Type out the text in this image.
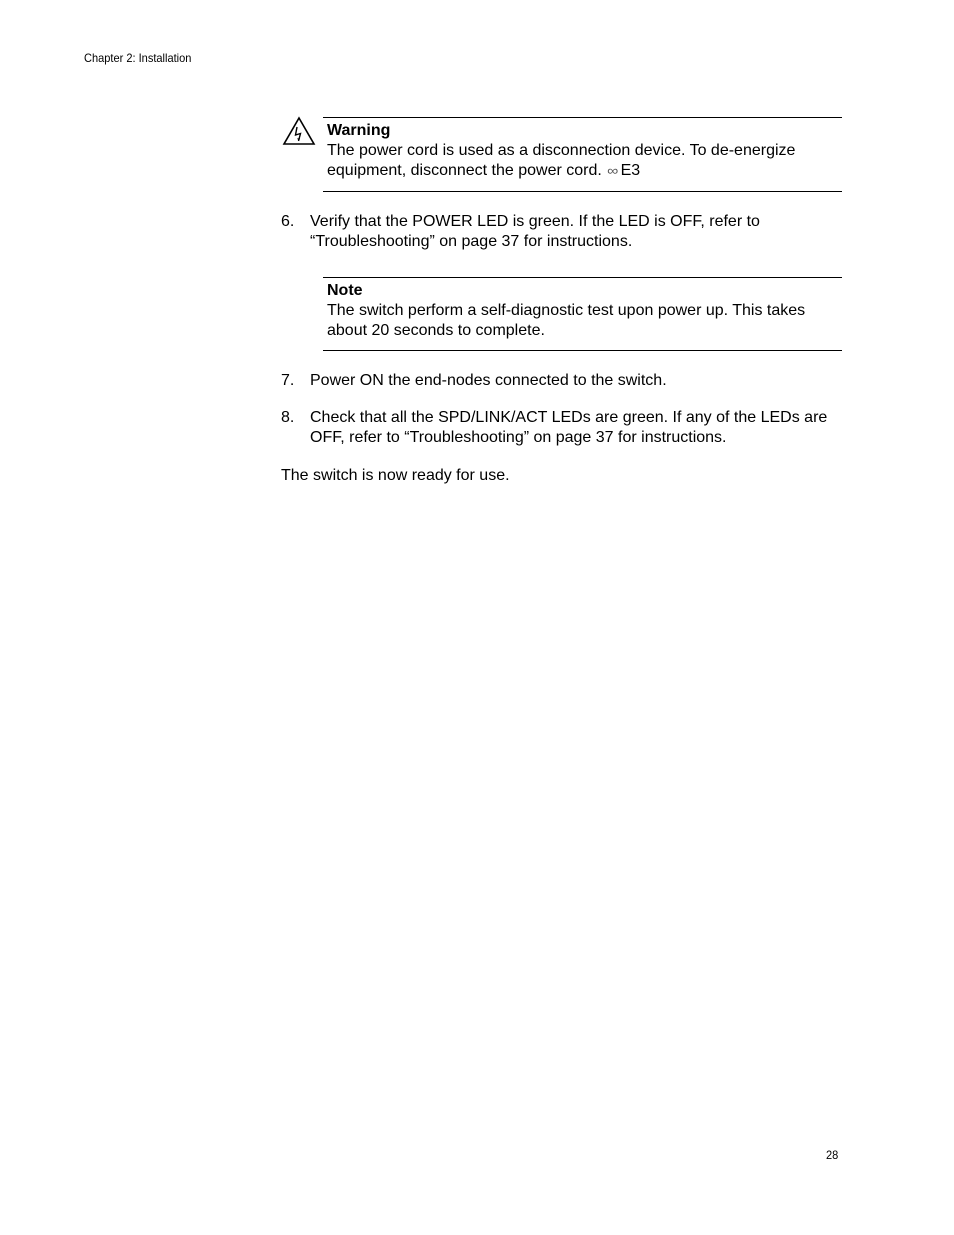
Chapter 2: Installation
Warning
The power cord is used as a disconnection device. To de-energize equipment, disconnect the power cord. ∞ E3
6. Verify that the POWER LED is green. If the LED is OFF, refer to “Troubleshooting” on page 37 for instructions.
Note
The switch perform a self-diagnostic test upon power up. This takes about 20 seconds to complete.
7. Power ON the end-nodes connected to the switch.
8. Check that all the SPD/LINK/ACT LEDs are green. If any of the LEDs are OFF, refer to “Troubleshooting” on page 37 for instructions.
The switch is now ready for use.
28
